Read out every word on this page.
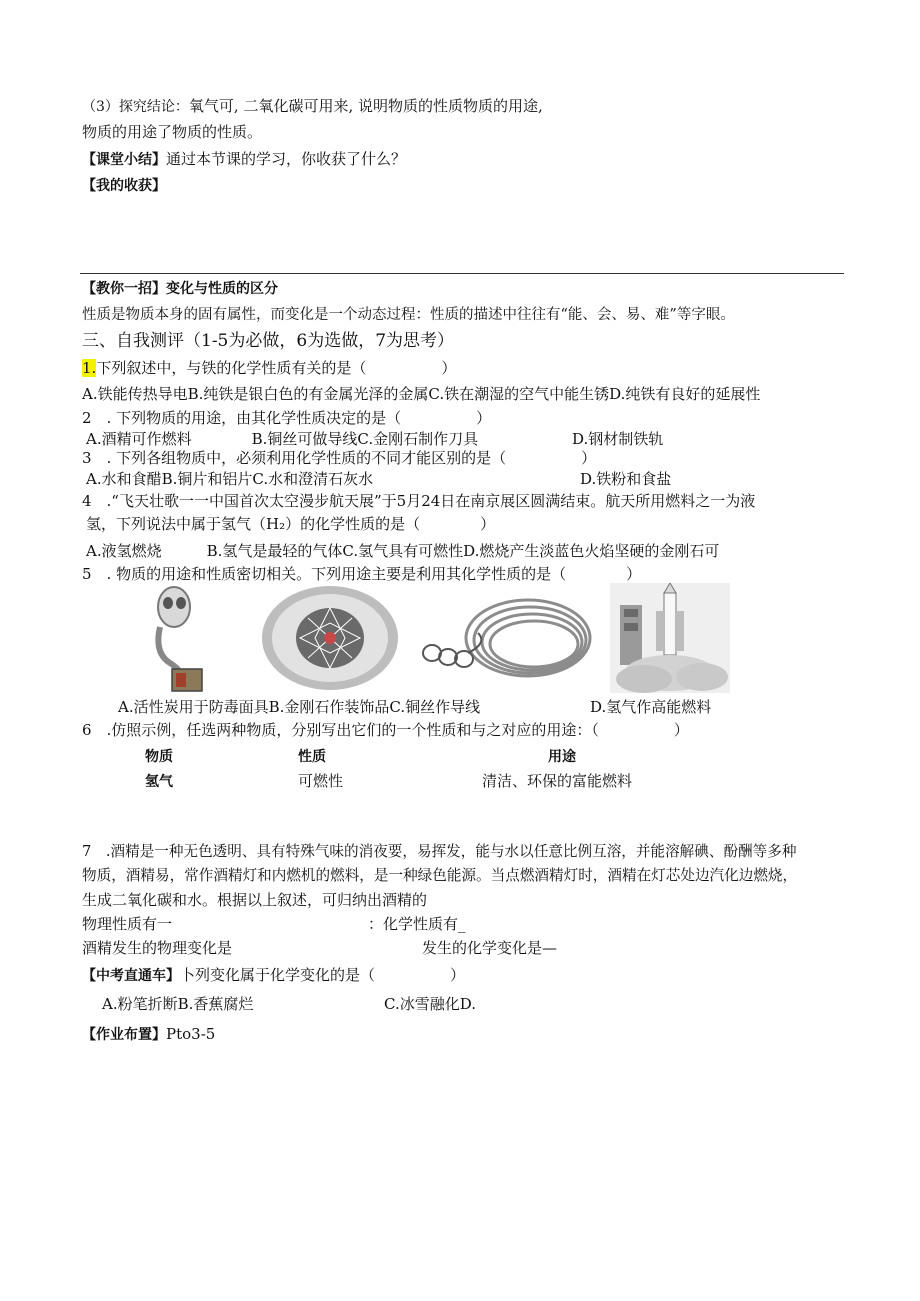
（3）探究结论：氧气可, 二氧化碳可用来, 说明物质的性质物质的用途,
物质的用途了物质的性质。
【课堂小结】通过本节课的学习，你收获了什么？
【我的收获】
【教你一招】变化与性质的区分
性质是物质本身的固有属性，而变化是一个动态过程：性质的描述中往往有“能、会、易、难”等字眼。
三、自我测评（1-5为必做，6为选做，7为思考）
1.下列叙述中，与铁的化学性质有关的是（　　　　　）
A.铁能传热导电B.纯铁是银白色的有金属光泽的金属C.铁在潮湿的空气中能生锈D.纯铁有良好的延展性
2　. 下列物质的用途，由其化学性质决定的是（　　　　　）
A.酒精可作燃料　　　　B.铜丝可做导线C.金刚石制作刀具	D.钢材制铁轨
3　. 下列各组物质中，必须利用化学性质的不同才能区别的是（　　　　　）
A.水和食醋B.铜片和铝片C.水和澄清石灰水	D.铁粉和食盐
4　.“飞天壮歌一一中国首次太空漫步航天展”于5月24日在南京展区圆满结束。航天所用燃料之一为液
氢，下列说法中属于氢气（H₂）的化学性质的是（　　　　）
A.液氢燃烧　　　B.氢气是最轻的气体C.氢气具有可燃性D.燃烧产生淡蓝色火焰坚硬的金刚石可
5　. 物质的用途和性质密切相关。下列用途主要是利用其化学性质的是（　　　　）
A.活性炭用于防毒面具B.金刚石作装饰品C.铜丝作导线	D.氢气作高能燃料
6　.仿照示例，任选两种物质，分别写出它们的一个性质和与之对应的用途：（　　　　　）
物质	性质	用途
氢气	可燃性	清洁、环保的富能燃料
7　.酒精是一种无色透明、具有特殊气味的消夜要，易挥发，能与水以任意比例互溶，并能溶解碘、酚酬等多种
物质，酒精易，常作酒精灯和内燃机的燃料，是一种绿色能源。当点燃酒精灯时，酒精在灯芯处边汽化边燃烧，
生成二氧化碳和水。根据以上叙述，可归纳出酒精的
物理性质有一	：化学性质有_
酒精发生的物理变化是	发生的化学变化是—
【中考直通车】卜列变化属于化学变化的是（　　　　　）
A.粉笔折断B.香蕉腐烂	C.冰雪融化D.
【作业布置】Pto3-5
